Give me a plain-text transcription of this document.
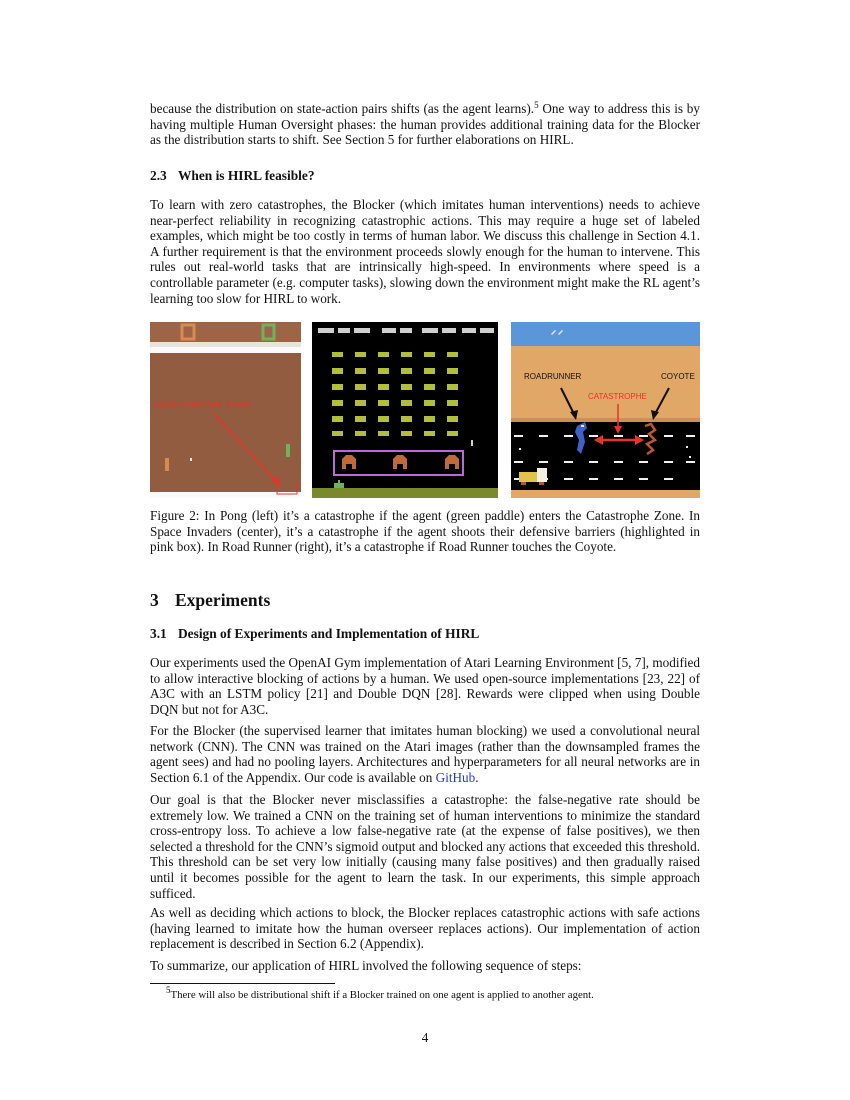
because the distribution on state-action pairs shifts (as the agent learns).$^5$ One way to address this is by having multiple Human Oversight phases: the human provides additional training data for the Blocker as the distribution starts to shift. See Section 5 for further elaborations on HIRL.

2.3 When is HIRL feasible?

To learn with zero catastrophes, the Blocker (which imitates human interventions) needs to achieve near-perfect reliability in recognizing catastrophic actions. This may require a huge set of labeled examples, which might be too costly in terms of human labor. We discuss this challenge in Section 4.1. A further requirement is that the environment proceeds slowly enough for the human to intervene. This rules out real-world tasks that are intrinsically high-speed. In environments where speed is a controllable parameter (e.g. computer tasks), slowing down the environment might make the RL agent’s learning too slow for HIRL to work.

CATASTROPHE ZONE
ROADRUNNER	COYOTE
CATASTROPHE

Figure 2: In Pong (left) it’s a catastrophe if the agent (green paddle) enters the Catastrophe Zone. In Space Invaders (center), it’s a catastrophe if the agent shoots their defensive barriers (highlighted in pink box). In Road Runner (right), it’s a catastrophe if Road Runner touches the Coyote.

3 Experiments
3.1 Design of Experiments and Implementation of HIRL

Our experiments used the OpenAI Gym implementation of Atari Learning Environment [5, 7], modified to allow interactive blocking of actions by a human. We used open-source implementations [23, 22] of A3C with an LSTM policy [21] and Double DQN [28]. Rewards were clipped when using Double DQN but not for A3C.

For the Blocker (the supervised learner that imitates human blocking) we used a convolutional neural network (CNN). The CNN was trained on the Atari images (rather than the downsampled frames the agent sees) and had no pooling layers. Architectures and hyperparameters for all neural networks are in Section 6.1 of the Appendix. Our code is available on GitHub.

Our goal is that the Blocker never misclassifies a catastrophe: the false-negative rate should be extremely low. We trained a CNN on the training set of human interventions to minimize the standard cross-entropy loss. To achieve a low false-negative rate (at the expense of false positives), we then selected a threshold for the CNN’s sigmoid output and blocked any actions that exceeded this threshold. This threshold can be set very low initially (causing many false positives) and then gradually raised until it becomes possible for the agent to learn the task. In our experiments, this simple approach sufficed.

As well as deciding which actions to block, the Blocker replaces catastrophic actions with safe actions (having learned to imitate how the human overseer replaces actions). Our implementation of action replacement is described in Section 6.2 (Appendix).

To summarize, our application of HIRL involved the following sequence of steps:

$^5$There will also be distributional shift if a Blocker trained on one agent is applied to another agent.
4
